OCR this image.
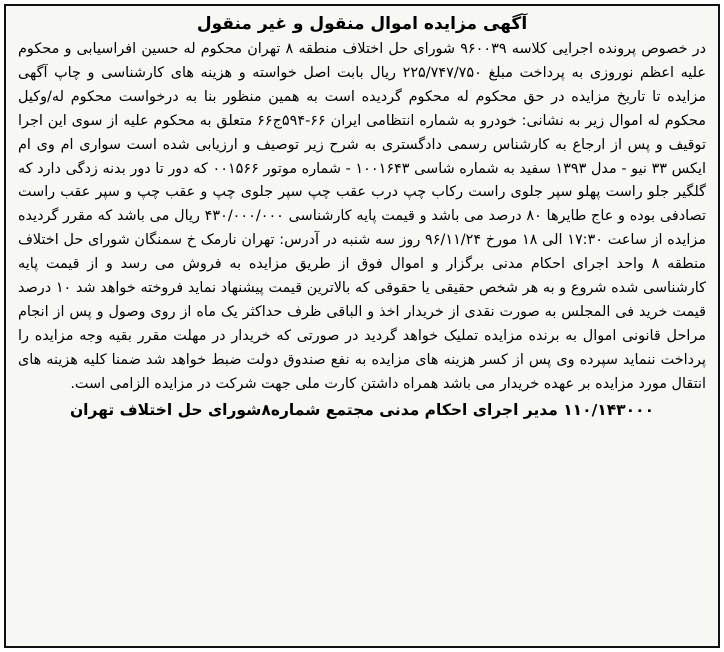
آگهی مزایده اموال منقول و غیر منقول

در خصوص پرونده اجرایی کلاسه ۹۶۰۰۳۹ شورای حل اختلاف منطقه ۸ تهران محکوم له حسین افراسیابی و محکوم علیه اعظم نوروزی به پرداخت مبلغ ۲۲۵/۷۴۷/۷۵۰ ریال بابت اصل خواسته و هزینه های کارشناسی و چاپ آگهی مزایده تا تاریخ مزایده در حق محکوم له محکوم گردیده است به همین منظور بنا به درخواست محکوم له/وکیل محکوم له اموال زیر به نشانی: خودرو به شماره انتظامی ایران ۶۶-۵۹۴ج۶۶ متعلق به محکوم علیه از سوی این اجرا توقیف و پس از ارجاع به کارشناس رسمی دادگستری به شرح زیر توصیف و ارزیابی شده است سواری ام وی ام ایکس ۳۳ نیو - مدل ۱۳۹۳ سفید به شماره شاسی ۱۰۰۱۶۴۳ - شماره موتور ۰۰۱۵۶۶ که دور تا دور بدنه زدگی دارد که گلگیر جلو راست پهلو سپر جلوی راست رکاب چپ درب عقب چپ سپر جلوی چپ و عقب چپ و سپر عقب راست تصادفی بوده و عاج طایرها ۸۰ درصد می باشد و قیمت پایه کارشناسی ۴۳۰/۰۰۰/۰۰۰ ریال می باشد که مقرر گردیده مزایده از ساعت ۱۷:۳۰ الی ۱۸ مورخ ۹۶/۱۱/۲۴ روز سه شنبه در آدرس: تهران نارمک خ سمنگان شورای حل اختلاف منطقه ۸ واحد اجرای احکام مدنی برگزار و اموال فوق از طریق مزایده به فروش می رسد و از قیمت پایه کارشناسی شده شروع و به هر شخص حقیقی یا حقوقی که بالاترین قیمت پیشنهاد نماید فروخته خواهد شد ۱۰ درصد قیمت خرید فی المجلس به صورت نقدی از خریدار اخذ و الباقی ظرف حداکثر یک ماه از روی وصول و پس از انجام مراحل قانونی اموال به برنده مزایده تملیک خواهد گردید در صورتی که خریدار در مهلت مقرر بقیه وجه مزایده را پرداخت ننماید سپرده وی پس از کسر هزینه های مزایده به نفع صندوق دولت ضبط خواهد شد ضمنا کلیه هزینه های انتقال مورد مزایده بر عهده خریدار می باشد همراه داشتن کارت ملی جهت شرکت در مزایده الزامی است.

۱۱۰/۱۴۳۰۰۰ مدیر اجرای احکام مدنی مجتمع شماره۸شورای حل اختلاف تهران
